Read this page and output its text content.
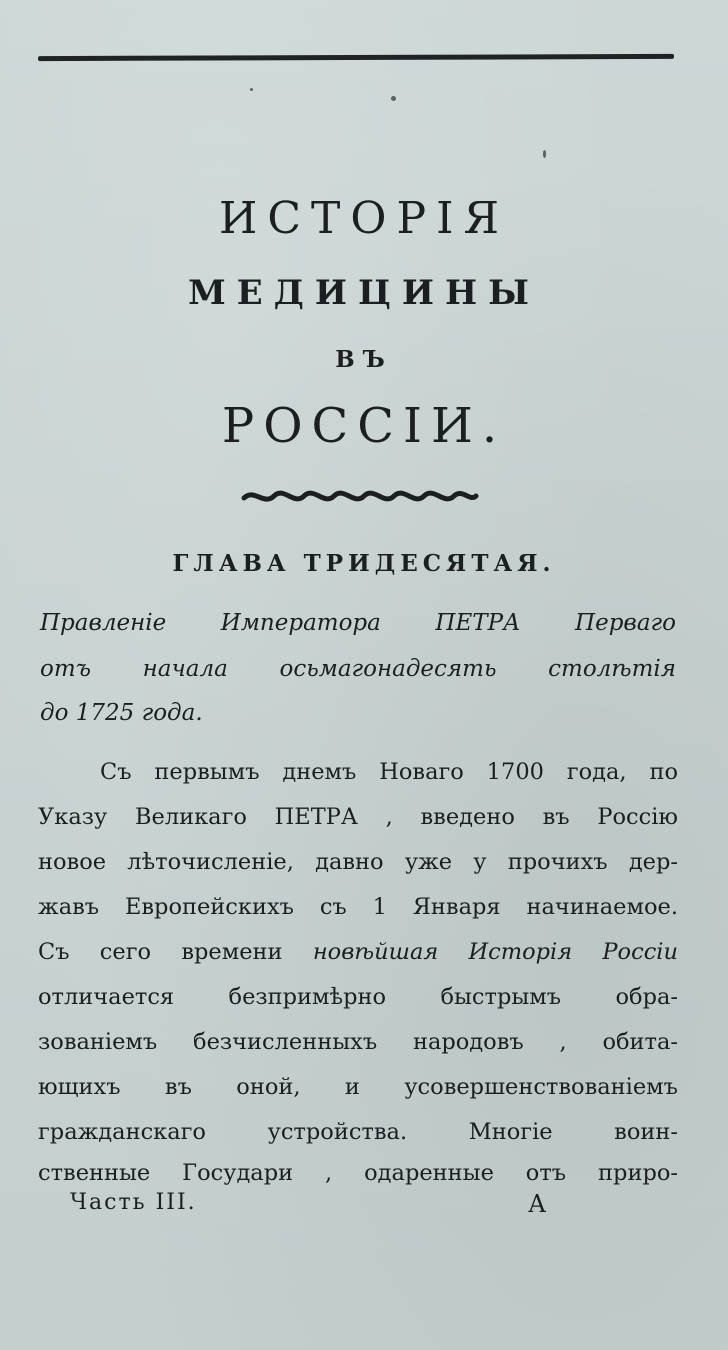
ИСТОРІЯ
МЕДИЦИНЫ
ВЪ
РОССІИ.
ГЛАВА ТРИДЕСЯТАЯ.
Правленіе Императора ПЕТРА Перваго
отъ начала осьмагонадесять столѣтія
до 1725 года.
Съ первымъ днемъ Новаго 1700 года, по
Указу Великаго ПЕТРА , введено въ Россію
новое лѣточисленіе, давно уже у прочихъ дер-
жавъ Европейскихъ съ 1 Января начинаемое.
Съ сего времени новѣйшая Исторія Россіи
отличается безпримѣрно быстрымъ обра-
зованіемъ безчисленныхъ народовъ , обита-
ющихъ въ оной, и усовершенствованіемъ
гражданскаго устройства. Многіе воин-
ственные Государи , одаренные отъ приро-
Часть III.	А
